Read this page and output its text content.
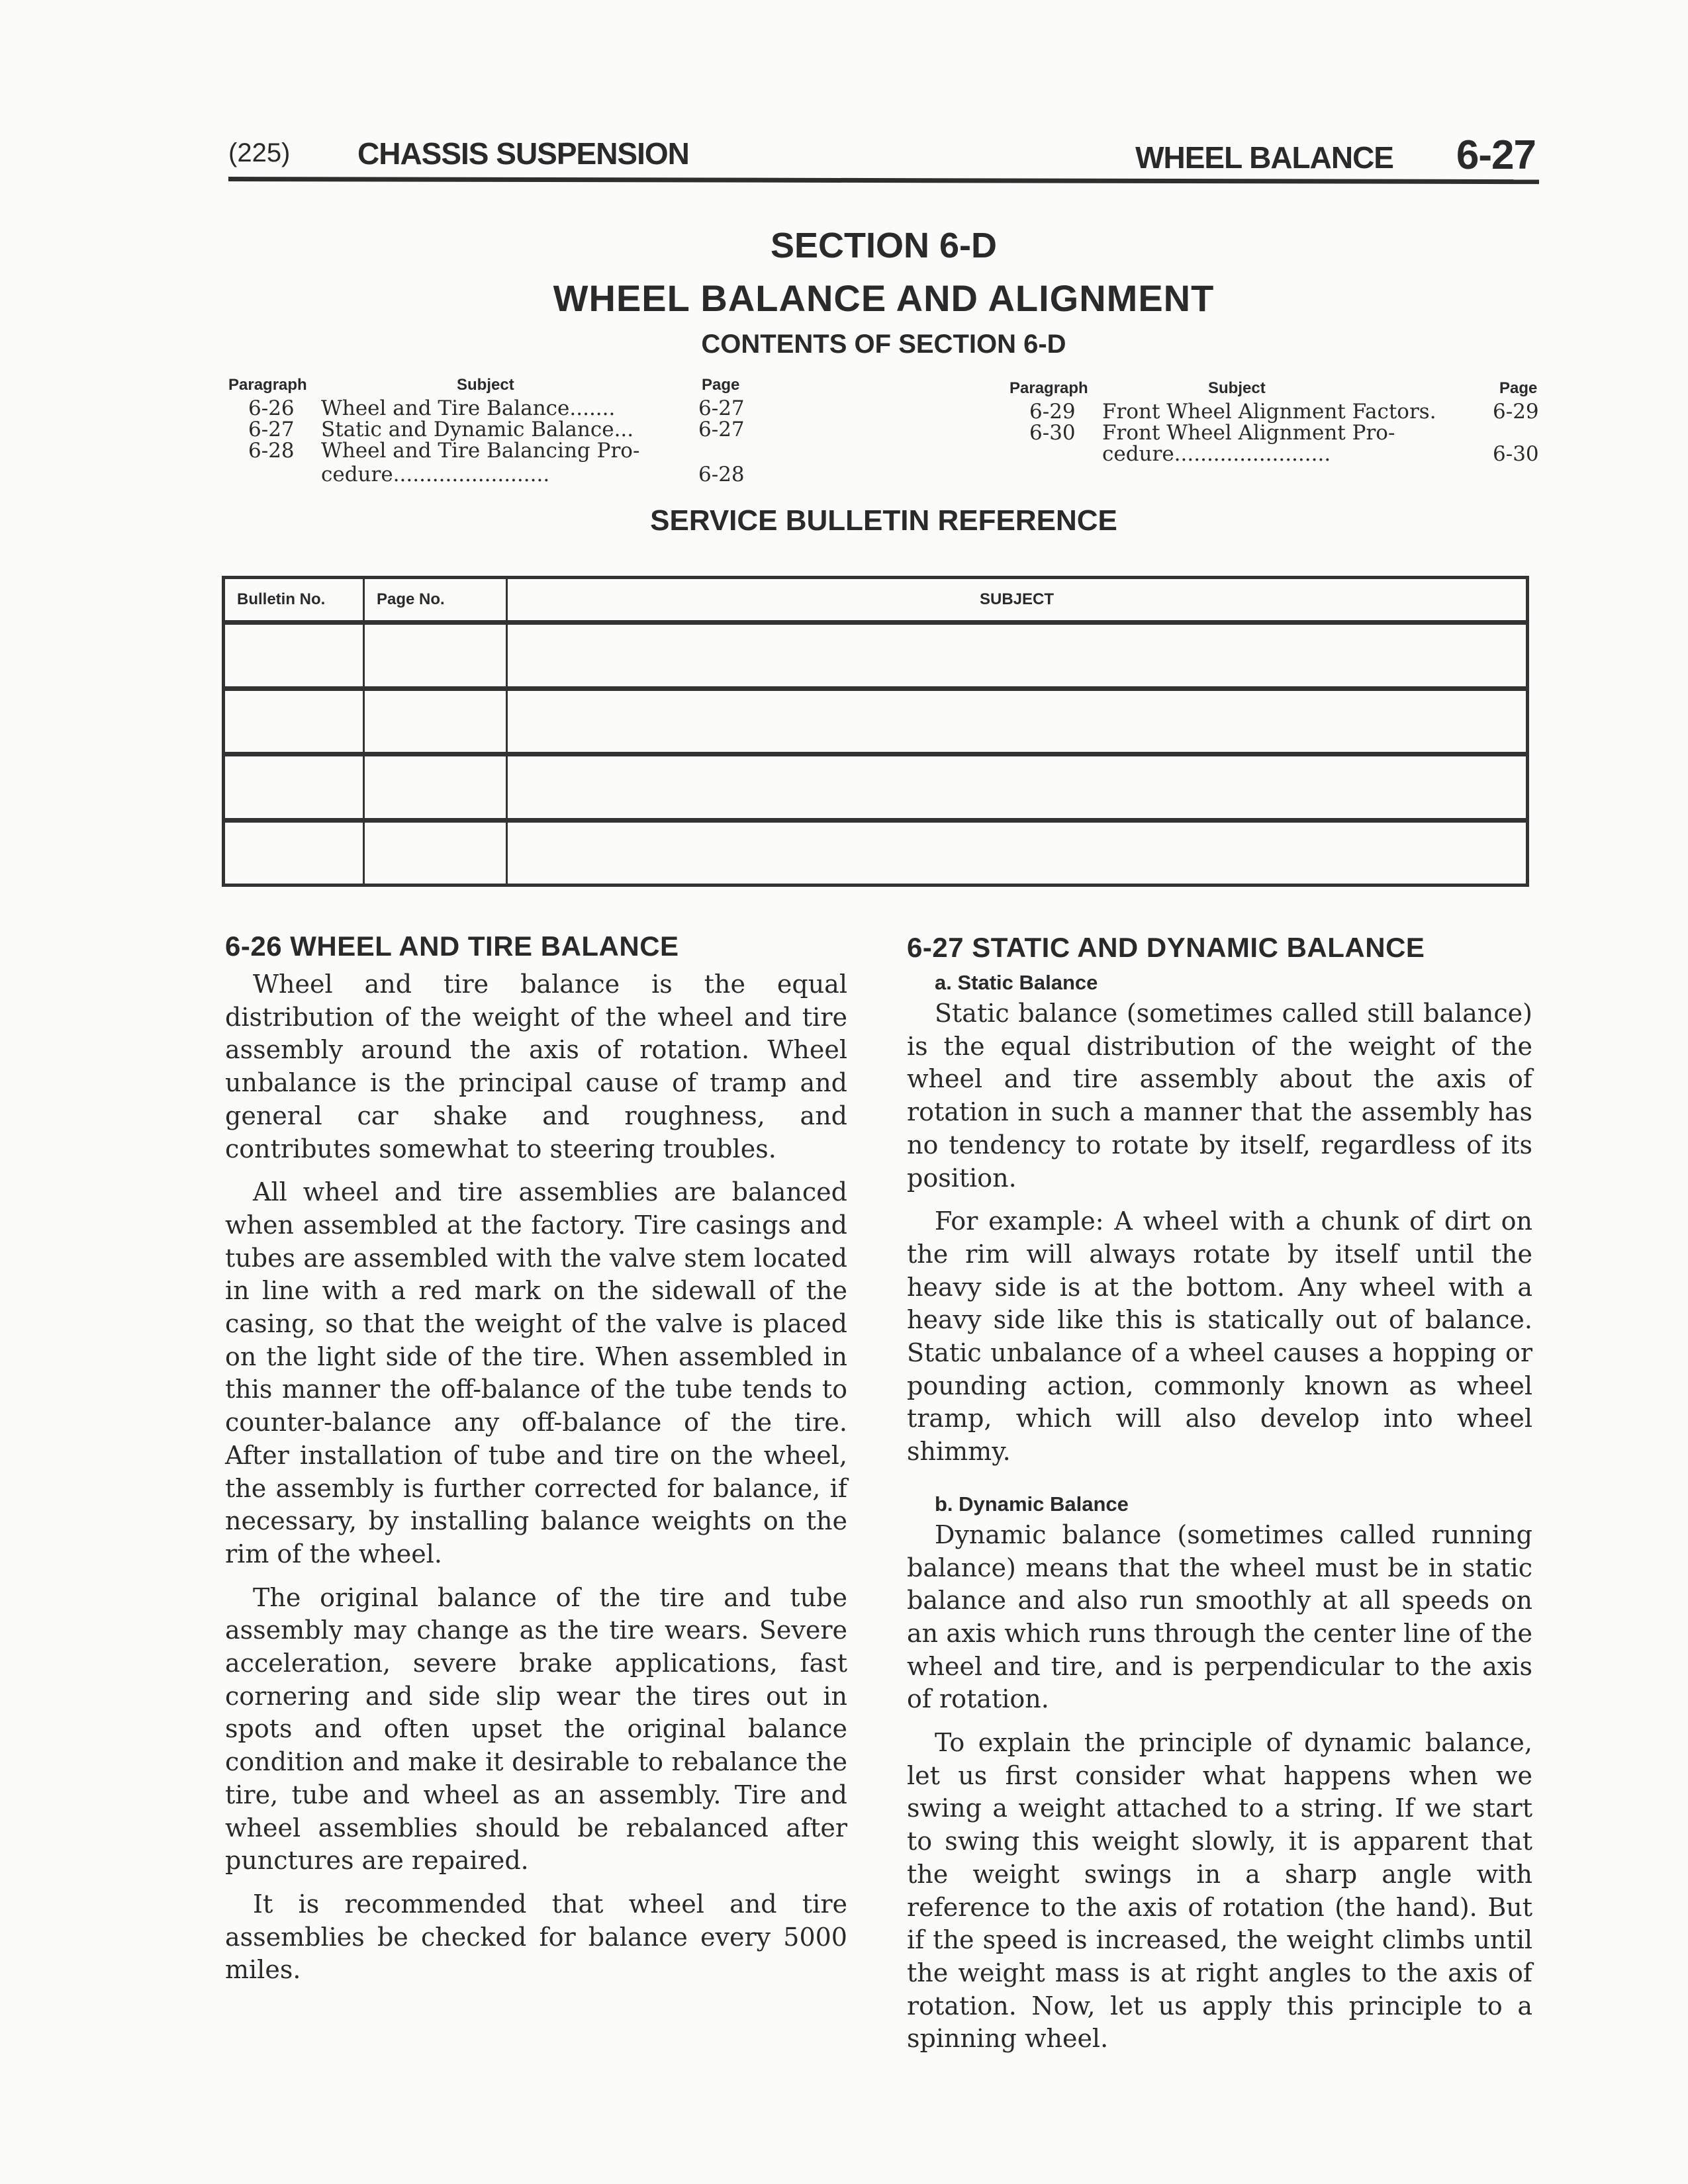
(225) CHASSIS SUSPENSION	WHEEL BALANCE 6-27
SECTION 6-D
WHEEL BALANCE AND ALIGNMENT
CONTENTS OF SECTION 6-D
Paragraph	Subject	Page
6-26 Wheel and Tire Balance.......	6-27
6-27 Static and Dynamic Balance...	6-27
6-28 Wheel and Tire Balancing Pro-
cedure........................	6-28
Paragraph	Subject	Page
6-29 Front Wheel Alignment Factors.	6-29
6-30 Front Wheel Alignment Pro-
cedure........................	6-30
SERVICE BULLETIN REFERENCE
Bulletin No.	Page No.	SUBJECT

6-26 WHEEL AND TIRE BALANCE

Wheel and tire balance is the equal distribution of the weight of the wheel and tire assembly around the axis of rotation. Wheel unbalance is the principal cause of tramp and general car shake and roughness, and contributes somewhat to steering troubles.

All wheel and tire assemblies are balanced when assembled at the factory. Tire casings and tubes are assembled with the valve stem located in line with a red mark on the sidewall of the casing, so that the weight of the valve is placed on the light side of the tire. When assembled in this manner the off-balance of the tube tends to counter-balance any off-balance of the tire. After installation of tube and tire on the wheel, the assembly is further corrected for balance, if necessary, by installing balance weights on the rim of the wheel.

The original balance of the tire and tube assembly may change as the tire wears. Severe acceleration, severe brake applications, fast cornering and side slip wear the tires out in spots and often upset the original balance condition and make it desirable to rebalance the tire, tube and wheel as an assembly. Tire and wheel assemblies should be rebalanced after punctures are repaired.

It is recommended that wheel and tire assemblies be checked for balance every 5000 miles.

6-27 STATIC AND DYNAMIC BALANCE
a. Static Balance

Static balance (sometimes called still balance) is the equal distribution of the weight of the wheel and tire assembly about the axis of rotation in such a manner that the assembly has no tendency to rotate by itself, regardless of its position.

For example: A wheel with a chunk of dirt on the rim will always rotate by itself until the heavy side is at the bottom. Any wheel with a heavy side like this is statically out of balance. Static unbalance of a wheel causes a hopping or pounding action, commonly known as wheel tramp, which will also develop into wheel shimmy.

b. Dynamic Balance

Dynamic balance (sometimes called running balance) means that the wheel must be in static balance and also run smoothly at all speeds on an axis which runs through the center line of the wheel and tire, and is perpendicular to the axis of rotation.

To explain the principle of dynamic balance, let us first consider what happens when we swing a weight attached to a string. If we start to swing this weight slowly, it is apparent that the weight swings in a sharp angle with reference to the axis of rotation (the hand). But if the speed is increased, the weight climbs until the weight mass is at right angles to the axis of rotation. Now, let us apply this principle to a spinning wheel.
